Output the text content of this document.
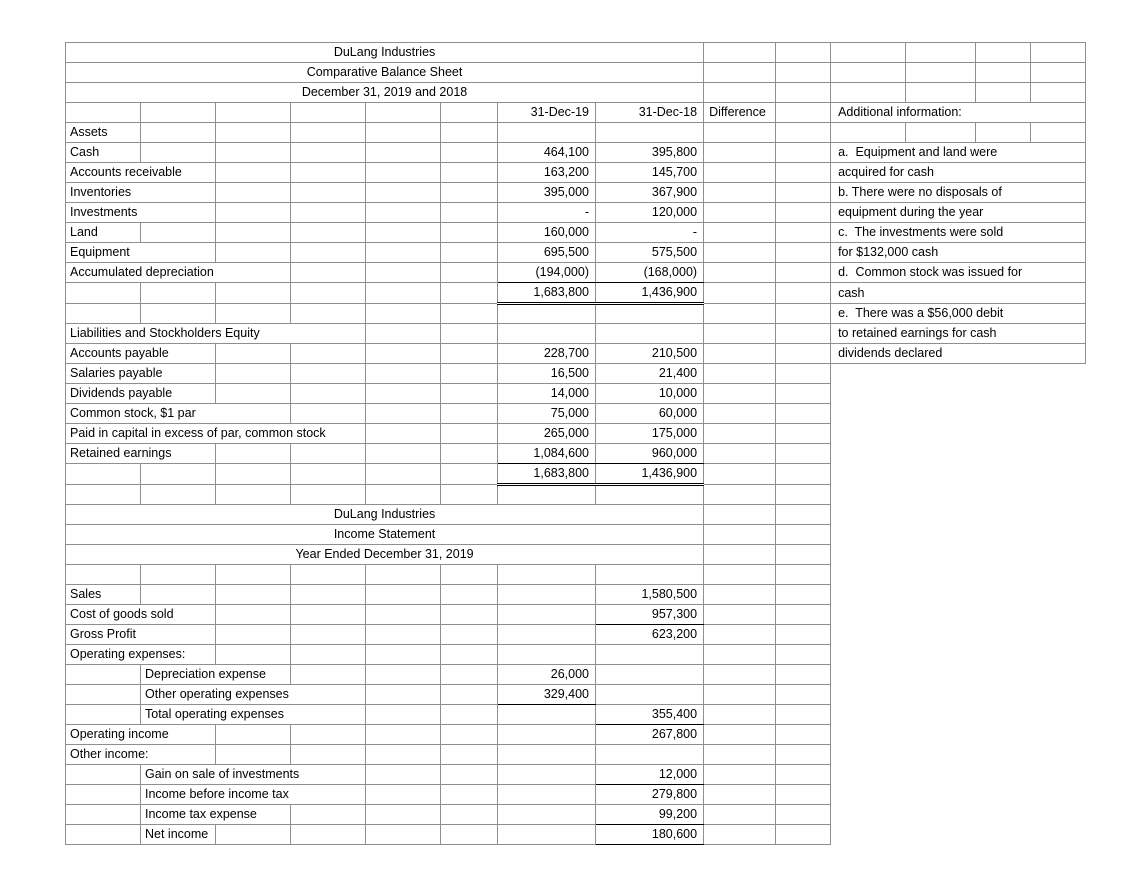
DuLang Industries													
Comparative Balance Sheet													
December 31, 2019 and 2018													
						31-Dec-19	31-Dec-18	Difference		Additional information:			
Assets													
Cash						464,100	395,800			a.  Equipment and land were			
Accounts receivable						163,200	145,700			acquired for cash			
Inventories						395,000	367,900			b. There were no disposals of			
Investments						-	120,000			equipment during the year			
Land						160,000	-			c.  The investments were sold			
Equipment						695,500	575,500			for $132,000 cash			
Accumulated depreciation						(194,000)	(168,000)			d.  Common stock was issued for			
						1,683,800	1,436,900			cash			
										e.  There was a $56,000 debit			
Liabilities and Stockholders Equity										to retained earnings for cash			
Accounts payable						228,700	210,500			dividends declared			
Salaries payable						16,500	21,400						
Dividends payable						14,000	10,000						
Common stock, $1 par						75,000	60,000						
Paid in capital in excess of par, common stock						265,000	175,000						
Retained earnings						1,084,600	960,000						
						1,683,800	1,436,900						

DuLang Industries													
Income Statement													
Year Ended December 31, 2019													

Sales							1,580,500						
Cost of goods sold							957,300						
Gross Profit							623,200						
Operating expenses:													
	Depreciation expense					26,000							
	Other operating expenses					329,400							
	Total operating expenses						355,400						
Operating income							267,800						
Other income:													
	Gain on sale of investments						12,000						
	Income before income tax						279,800						
	Income tax expense						99,200						
	Net income						180,600						
